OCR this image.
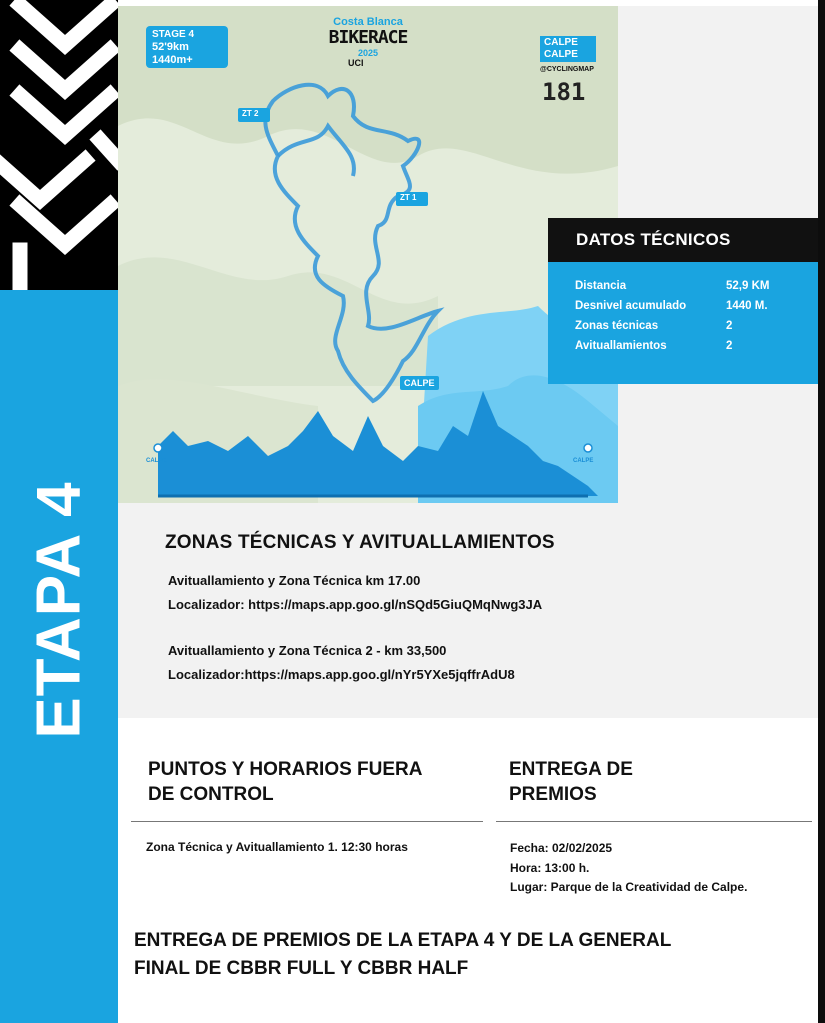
ETAPA 4
STAGE 4
52'9km
1440m+
Costa Blanca
BIKERACE
2025
UCI
CALPE
CALPE
@CYCLINGMAP
181
CALPE
ZT 2
ZT 1
CALPE	CALPE
DATOS TÉCNICOS
Distancia	52,9 KM
Desnivel acumulado	1440 M.
Zonas técnicas	2
Avituallamientos	2
ZONAS TÉCNICAS Y AVITUALLAMIENTOS
Avituallamiento y Zona Técnica km 17.00
Localizador: https://maps.app.goo.gl/nSQd5GiuQMqNwg3JA
Avituallamiento y Zona Técnica 2 - km 33,500
Localizador:https://maps.app.goo.gl/nYr5YXe5jqffrAdU8
PUNTOS Y HORARIOS FUERA
DE CONTROL
ENTREGA DE
PREMIOS
Zona Técnica y Avituallamiento 1. 12:30 horas	Fecha: 02/02/2025
Hora: 13:00 h.
Lugar: Parque de la Creatividad de Calpe.
ENTREGA DE PREMIOS DE LA ETAPA 4 Y DE LA GENERAL
FINAL DE CBBR FULL Y CBBR HALF
